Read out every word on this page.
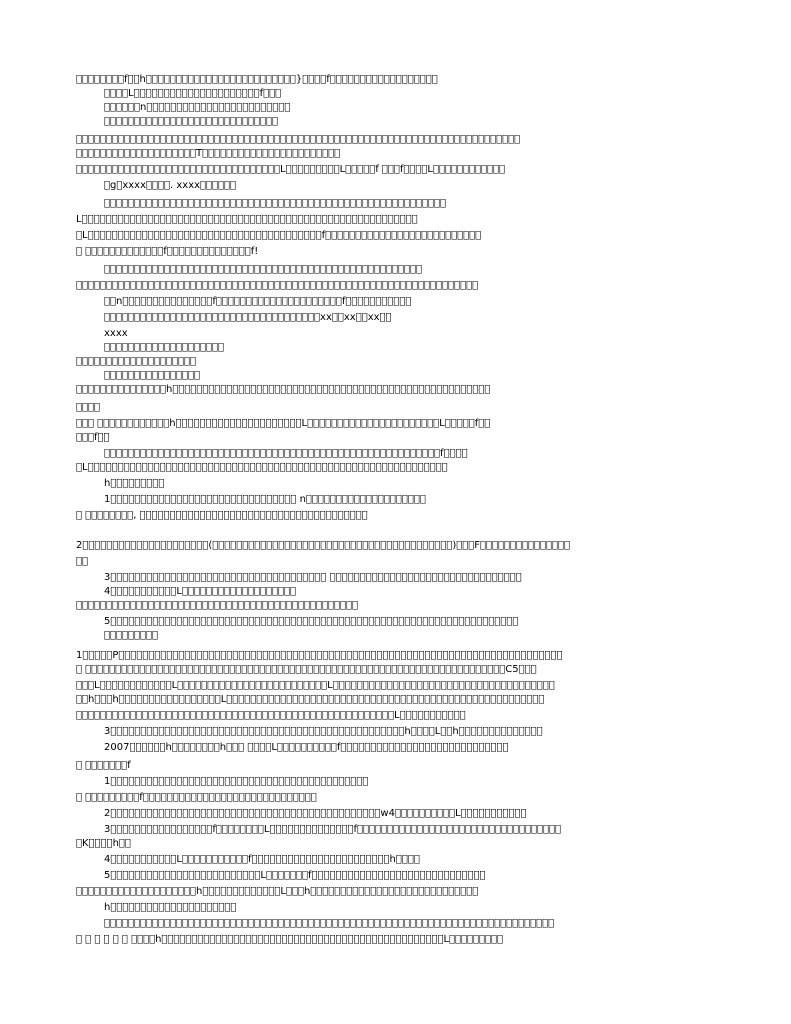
        f  h                         }    f                  
    L                     f   
      n                        
                             
                                                                          
                    T                       
                                  L         L     f    f    L            
 g xxxx    . xxxx      
                                                         
L                                                        
 L                                       f                          
               f              f!
                                                     
                                                                   
  n               f                     f           
                                    xx  xx  xx  
xxxx
                    
                    
                
               h                                                     
    
                h                     L                      L     f  
   f  
                                                        f    
 L                                                            
h         
1                                n                    
          ,                                       
2                     (                                        )   F               
  
3                                                                     
4           L                   
                                               
5                                                                    
         
1     P                                                                          
                                                                        C5   
   L            L                         L                                     
  h   h                 L                                                     
                                                     L           
3                                                 h    L  h              
2007      h        h        L          f                            
         f
1                                           
           f                             
2                                             w4          L           
3                 f        L              f                                  
 K    h  
4           L           f                       h    
5                         L       f                             
                    h             L   h                            
h                     
                                                                           
                h                                               L         
